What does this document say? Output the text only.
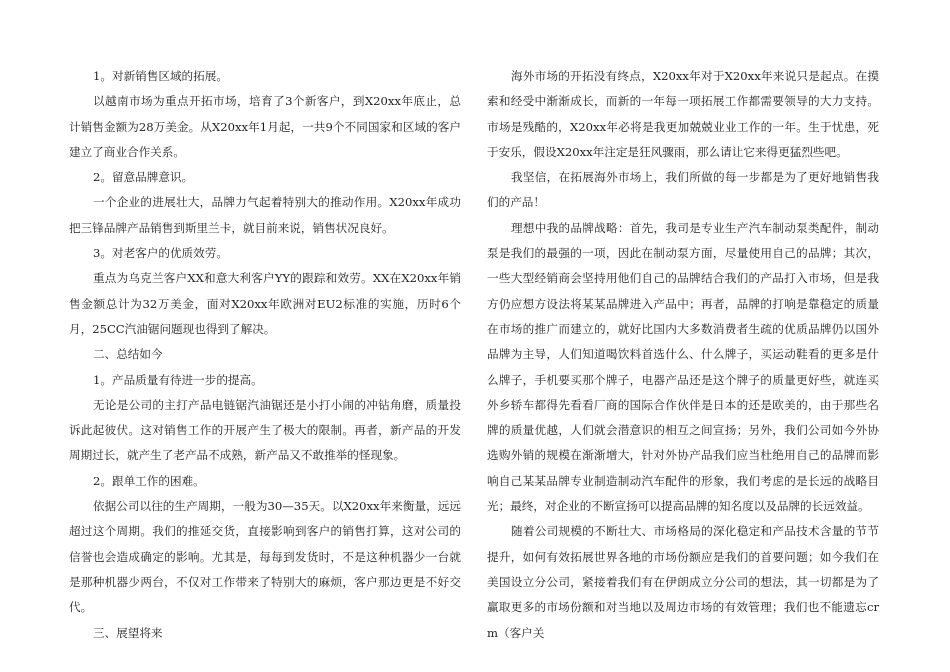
1。对新销售区域的拓展。

以越南市场为重点开拓市场，培育了3个新客户，到X20xx年底止，总计销售金额为28万美金。从X20xx年1月起，一共9个不同国家和区域的客户建立了商业合作关系。

2。留意品牌意识。

一个企业的进展壮大，品牌力气起着特别大的推动作用。X20xx年成功把三锋品牌产品销售到斯里兰卡，就目前来说，销售状况良好。

3。对老客户的优质效劳。

重点为乌克兰客户XX和意大利客户YY的跟踪和效劳。XX在X20xx年销售金额总计为32万美金，面对X20xx年欧洲对EU2标准的实施，历时6个月，25CC汽油锯问题现也得到了解决。

二、总结如今

1。产品质量有待进一步的提高。

无论是公司的主打产品电链锯汽油锯还是小打小闹的冲钻角磨，质量投诉此起彼伏。这对销售工作的开展产生了极大的限制。再者，新产品的开发周期过长，就产生了老产品不成熟，新产品又不敢推举的怪现象。

2。跟单工作的困难。

依据公司以往的生产周期，一般为30—35天。以X20xx年来衡量，远远超过这个周期。我们的推延交货，直接影响到客户的销售打算，这对公司的信誉也会造成确定的影响。尤其是，每每到发货时，不是这种机器少一台就是那种机器少两台，不仅对工作带来了特别大的麻烦，客户那边更是不好交代。

三、展望将来

海外市场的开拓没有终点，X20xx年对于X20xx年来说只是起点。在摸索和经受中渐渐成长，而新的一年每一项拓展工作都需要领导的大力支持。市场是残酷的，X20xx年必将是我更加兢兢业业工作的一年。生于忧患，死于安乐，假设X20xx年注定是狂风骤雨，那么请让它来得更猛烈些吧。

我坚信，在拓展海外市场上，我们所做的每一步都是为了更好地销售我们的产品！

理想中我的品牌战略：首先，我司是专业生产汽车制动泵类配件，制动泵是我们的最强的一项，因此在制动泵方面，尽量使用自己的品牌；其次，一些大型经销商会坚持用他们自己的品牌结合我们的产品打入市场，但是我方仍应想方设法将某某品牌进入产品中；再者，品牌的打响是靠稳定的质量在市场的推广而建立的，就好比国内大多数消费者生疏的优质品牌仍以国外品牌为主导，人们知道喝饮料首选什么、什么牌子，买运动鞋看的更多是什么牌子，手机要买那个牌子，电器产品还是这个牌子的质量更好些，就连买外乡轿车都得先看看厂商的国际合作伙伴是日本的还是欧美的，由于那些名牌的质量优越，人们就会潜意识的相互之间宣扬；另外，我们公司如今外协选购外销的规模在渐渐增大，针对外协产品我们应当杜绝用自己的品牌而影响自己某某品牌专业制造制动汽车配件的形象，我们考虑的是长远的战略目光；最终，对企业的不断宣扬可以提高品牌的知名度以及品牌的长远效益。

随着公司规模的不断壮大、市场格局的深化稳定和产品技术含量的节节提升，如何有效拓展世界各地的市场份额应是我们的首要问题；如今我们在美国设立分公司，紧接着我们有在伊朗成立分公司的想法，其一切都是为了赢取更多的市场份额和对当地以及周边市场的有效管理；我们也不能遗忘crm（客户关
